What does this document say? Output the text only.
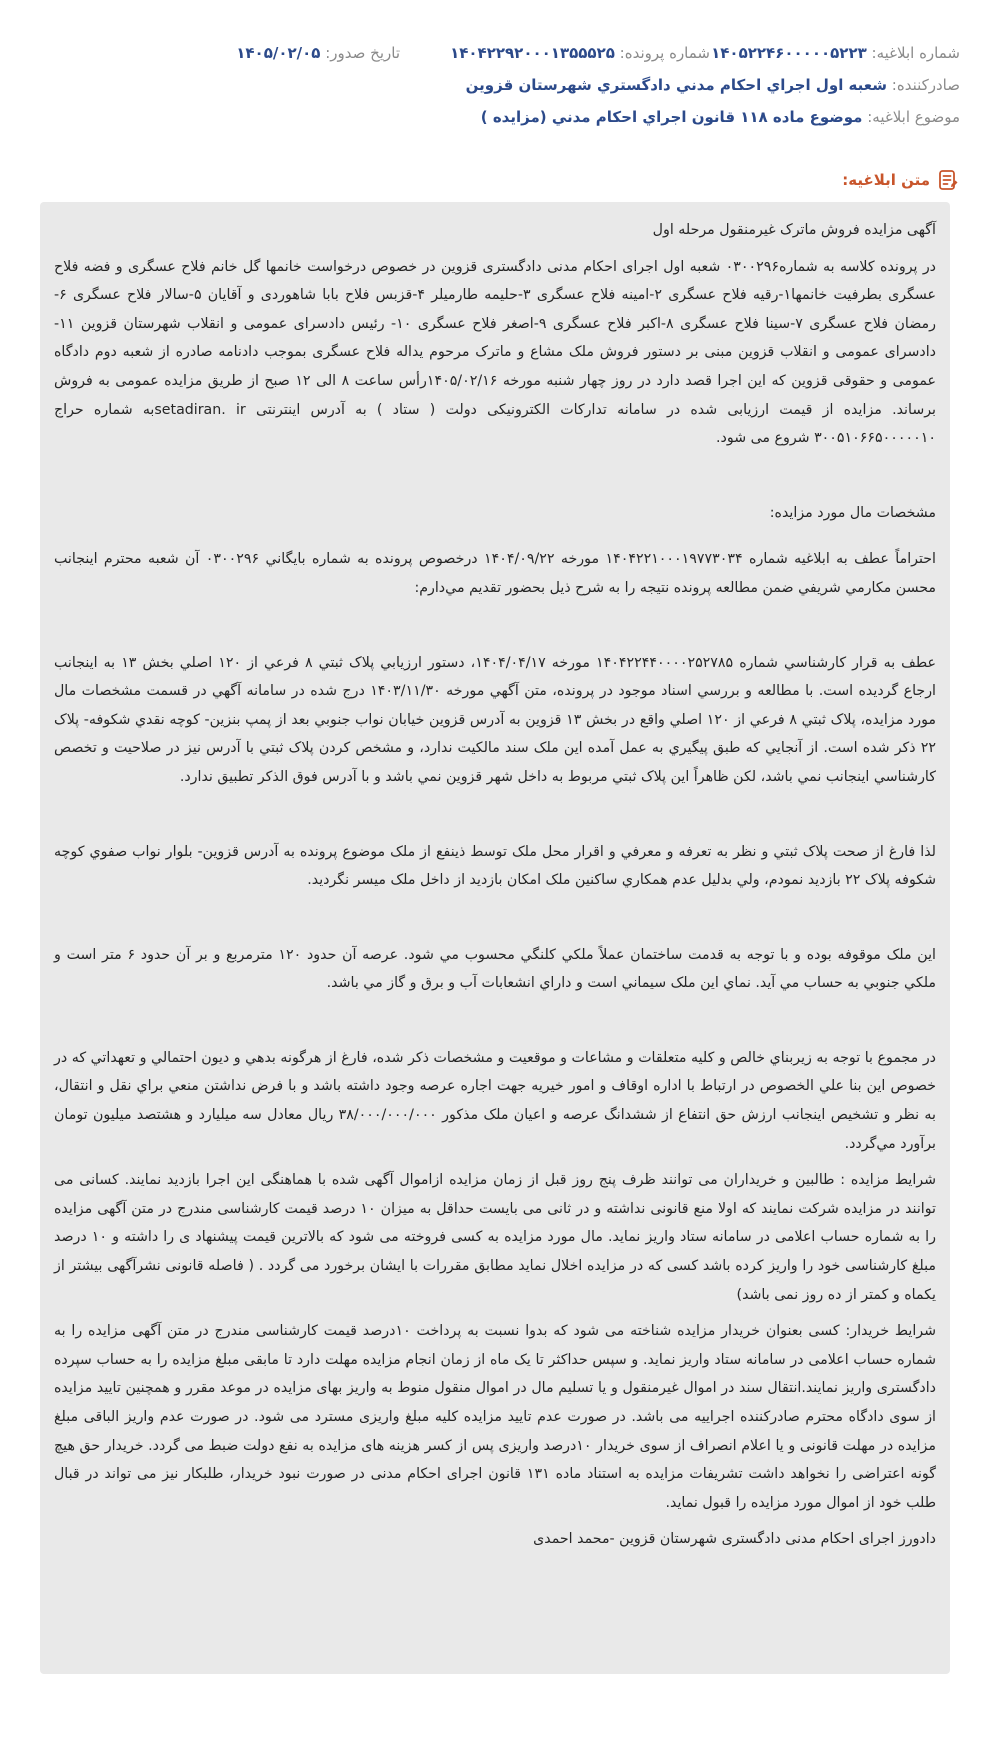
شماره ابلاغیه: ۱۴۰۵۲۲۴۶۰۰۰۰۰۵۲۲۳
شماره پرونده: ۱۴۰۴۲۲۹۲۰۰۰۱۳۵۵۵۲۵
تاریخ صدور: ۱۴۰۵/۰۲/۰۵
صادرکننده: شعبه اول اجراي احکام مدني دادگستري شهرستان قزوين
موضوع ابلاغیه: موضوع ماده ۱۱۸ قانون اجراي احکام مدني (مزايده )
متن ابلاغیه:

آگهی مزایده فروش ماترک غیرمنقول مرحله اول

در پرونده کلاسه به شماره۰۳۰۰۲۹۶ شعبه اول اجرای احکام مدنی دادگستری قزوین در خصوص درخواست خانمها گل خانم فلاح عسگری و فضه فلاح عسگری بطرفیت خانمها۱-رقیه فلاح عسگری ۲-امینه فلاح عسگری ۳-حلیمه طارمیلر ۴-قزبس فلاح بابا شاهوردی و آقایان ۵-سالار فلاح عسگری ۶-رمضان فلاح عسگری ۷-سینا فلاح عسگری ۸-اکبر فلاح عسگری ۹-اصغر فلاح عسگری ۱۰- رئیس دادسرای عمومی و انقلاب شهرستان قزوین ۱۱- دادسرای عمومی و انقلاب قزوین مبنی بر دستور فروش ملک مشاع و ماترک مرحوم یداله فلاح عسگری بموجب دادنامه صادره از شعبه دوم دادگاه عمومی و حقوقی قزوین که این اجرا قصد دارد در روز چهار شنبه مورخه ۱۴۰۵/۰۲/۱۶رأس ساعت ۸ الی ۱۲ صبح از طریق مزایده عمومی به فروش برساند. مزایده از قیمت ارزیابی شده در سامانه تدارکات الکترونیکی دولت ( ستاد ) به آدرس اینترنتی setadiran. irبه شماره حراج ۳۰۰۵۱۰۶۶۵۰۰۰۰۰۱۰ شروع می شود.

مشخصات مال مورد مزایده:

احتراماً عطف به ابلاغیه شماره ۱۴۰۴۲۲۱۰۰۰۱۹۷۷۳۰۳۴ مورخه ۱۴۰۴/۰۹/۲۲ درخصوص پرونده به شماره بايگاني ۰۳۰۰۲۹۶ آن شعبه محترم اينجانب محسن مکارمي شريفي ضمن مطالعه پرونده نتيجه را به شرح ذيل بحضور تقديم مي‌دارم:

عطف به قرار کارشناسي شماره ۱۴۰۴۲۲۴۴۰۰۰۰۲۵۲۷۸۵ مورخه ۱۴۰۴/۰۴/۱۷، دستور ارزيابي پلاک ثبتي ۸ فرعي از ۱۲۰ اصلي بخش ۱۳ به اينجانب ارجاع گرديده است. با مطالعه و بررسي اسناد موجود در پرونده، متن آگهي مورخه ۱۴۰۳/۱۱/۳۰ درج شده در سامانه آگهي در قسمت مشخصات مال مورد مزايده، پلاک ثبتي ۸ فرعي از ۱۲۰ اصلي واقع در بخش ۱۳ قزوين به آدرس قزوين خيابان نواب جنوبي بعد از پمپ بنزين- کوچه نقدي شکوفه- پلاک ۲۲ ذکر شده است. از آنجايي که طبق پيگيري به عمل آمده اين ملک سند مالکيت ندارد، و مشخص کردن پلاک ثبتي با آدرس نيز در صلاحيت و تخصص کارشناسي اينجانب نمي باشد، لکن ظاهراً اين پلاک ثبتي مربوط به داخل شهر قزوين نمي باشد و با آدرس فوق الذکر تطبيق ندارد.

لذا فارغ از صحت پلاک ثبتي و نظر به تعرفه و معرفي و اقرار محل ملک توسط ذينفع از ملک موضوع پرونده به آدرس قزوين- بلوار نواب صفوي کوچه شکوفه پلاک ۲۲ بازديد نمودم، ولي بدليل عدم همکاري ساکنين ملک امکان بازديد از داخل ملک ميسر نگرديد.

اين ملک موقوفه بوده و با توجه به قدمت ساختمان عملاً ملکي کلنگي محسوب مي شود. عرصه آن حدود ۱۲۰ مترمربع و بر آن حدود ۶ متر است و ملکي جنوبي به حساب مي آيد. نماي اين ملک سيماني است و داراي انشعابات آب و برق و گاز مي باشد.

در مجموع با توجه به زيربناي خالص و کليه متعلقات و مشاعات و موقعيت و مشخصات ذکر شده، فارغ از هرگونه بدهي و ديون احتمالي و تعهداتي که در خصوص اين بنا علي الخصوص در ارتباط با اداره اوقاف و امور خيريه جهت اجاره عرصه وجود داشته باشد و با فرض نداشتن منعي براي نقل و انتقال، به نظر و تشخيص اينجانب ارزش حق انتفاع از ششدانگ عرصه و اعيان ملک مذکور ۳۸/۰۰۰/۰۰۰/۰۰۰ ريال معادل سه ميليارد و هشتصد ميليون تومان برآورد مي‌گردد.

شرایط مزایده : طالبین و خریداران می توانند ظرف پنج روز قبل از زمان مزایده ازاموال آگهی شده با هماهنگی این اجرا بازدید نمایند. کسانی می توانند در مزایده شرکت نمایند که اولا منع قانونی نداشته و در ثانی می بایست حداقل به میزان ۱۰ درصد قیمت کارشناسی مندرج در متن آگهی مزایده را به شماره حساب اعلامی در سامانه ستاد واریز نماید. مال مورد مزایده به کسی فروخته می شود که بالاترین قیمت پیشنهاد ی را داشته و ۱۰ درصد مبلغ کارشناسی خود را واریز کرده باشد کسی که در مزایده اخلال نماید مطابق مقررات با ایشان برخورد می گردد . ( فاصله قانونی نشرآگهی بیشتر از یکماه و کمتر از ده روز نمی باشد)

شرایط خریدار: کسی بعنوان خریدار مزایده شناخته می شود که بدوا نسبت به پرداخت ۱۰درصد قیمت کارشناسی مندرج در متن آگهی مزایده را به شماره حساب اعلامی در سامانه ستاد واریز نماید. و سپس حداکثر تا یک ماه از زمان انجام مزایده مهلت دارد تا مابقی مبلغ مزایده را به حساب سپرده دادگستری واریز نمایند.انتقال سند در اموال غیرمنقول و یا تسلیم مال در اموال منقول منوط به واریز بهای مزایده در موعد مقرر و همچنین تایید مزایده از سوی دادگاه محترم صادرکننده اجراییه می باشد. در صورت عدم تایید مزایده کلیه مبلغ واریزی مسترد می شود. در صورت عدم واریز الباقی مبلغ مزایده در مهلت قانونی و یا اعلام انصراف از سوی خریدار ۱۰درصد واریزی پس از کسر هزینه های مزایده به نفع دولت ضبط می گردد. خریدار حق هیچ گونه اعتراضی را نخواهد داشت تشریفات مزایده به استناد ماده ۱۳۱ قانون اجرای احکام مدنی در صورت نبود خریدار، طلبکار نیز می تواند در قبال طلب خود از اموال مورد مزایده را قبول نماید.

دادورز اجرای احکام مدنی دادگستری شهرستان قزوین -محمد احمدی
